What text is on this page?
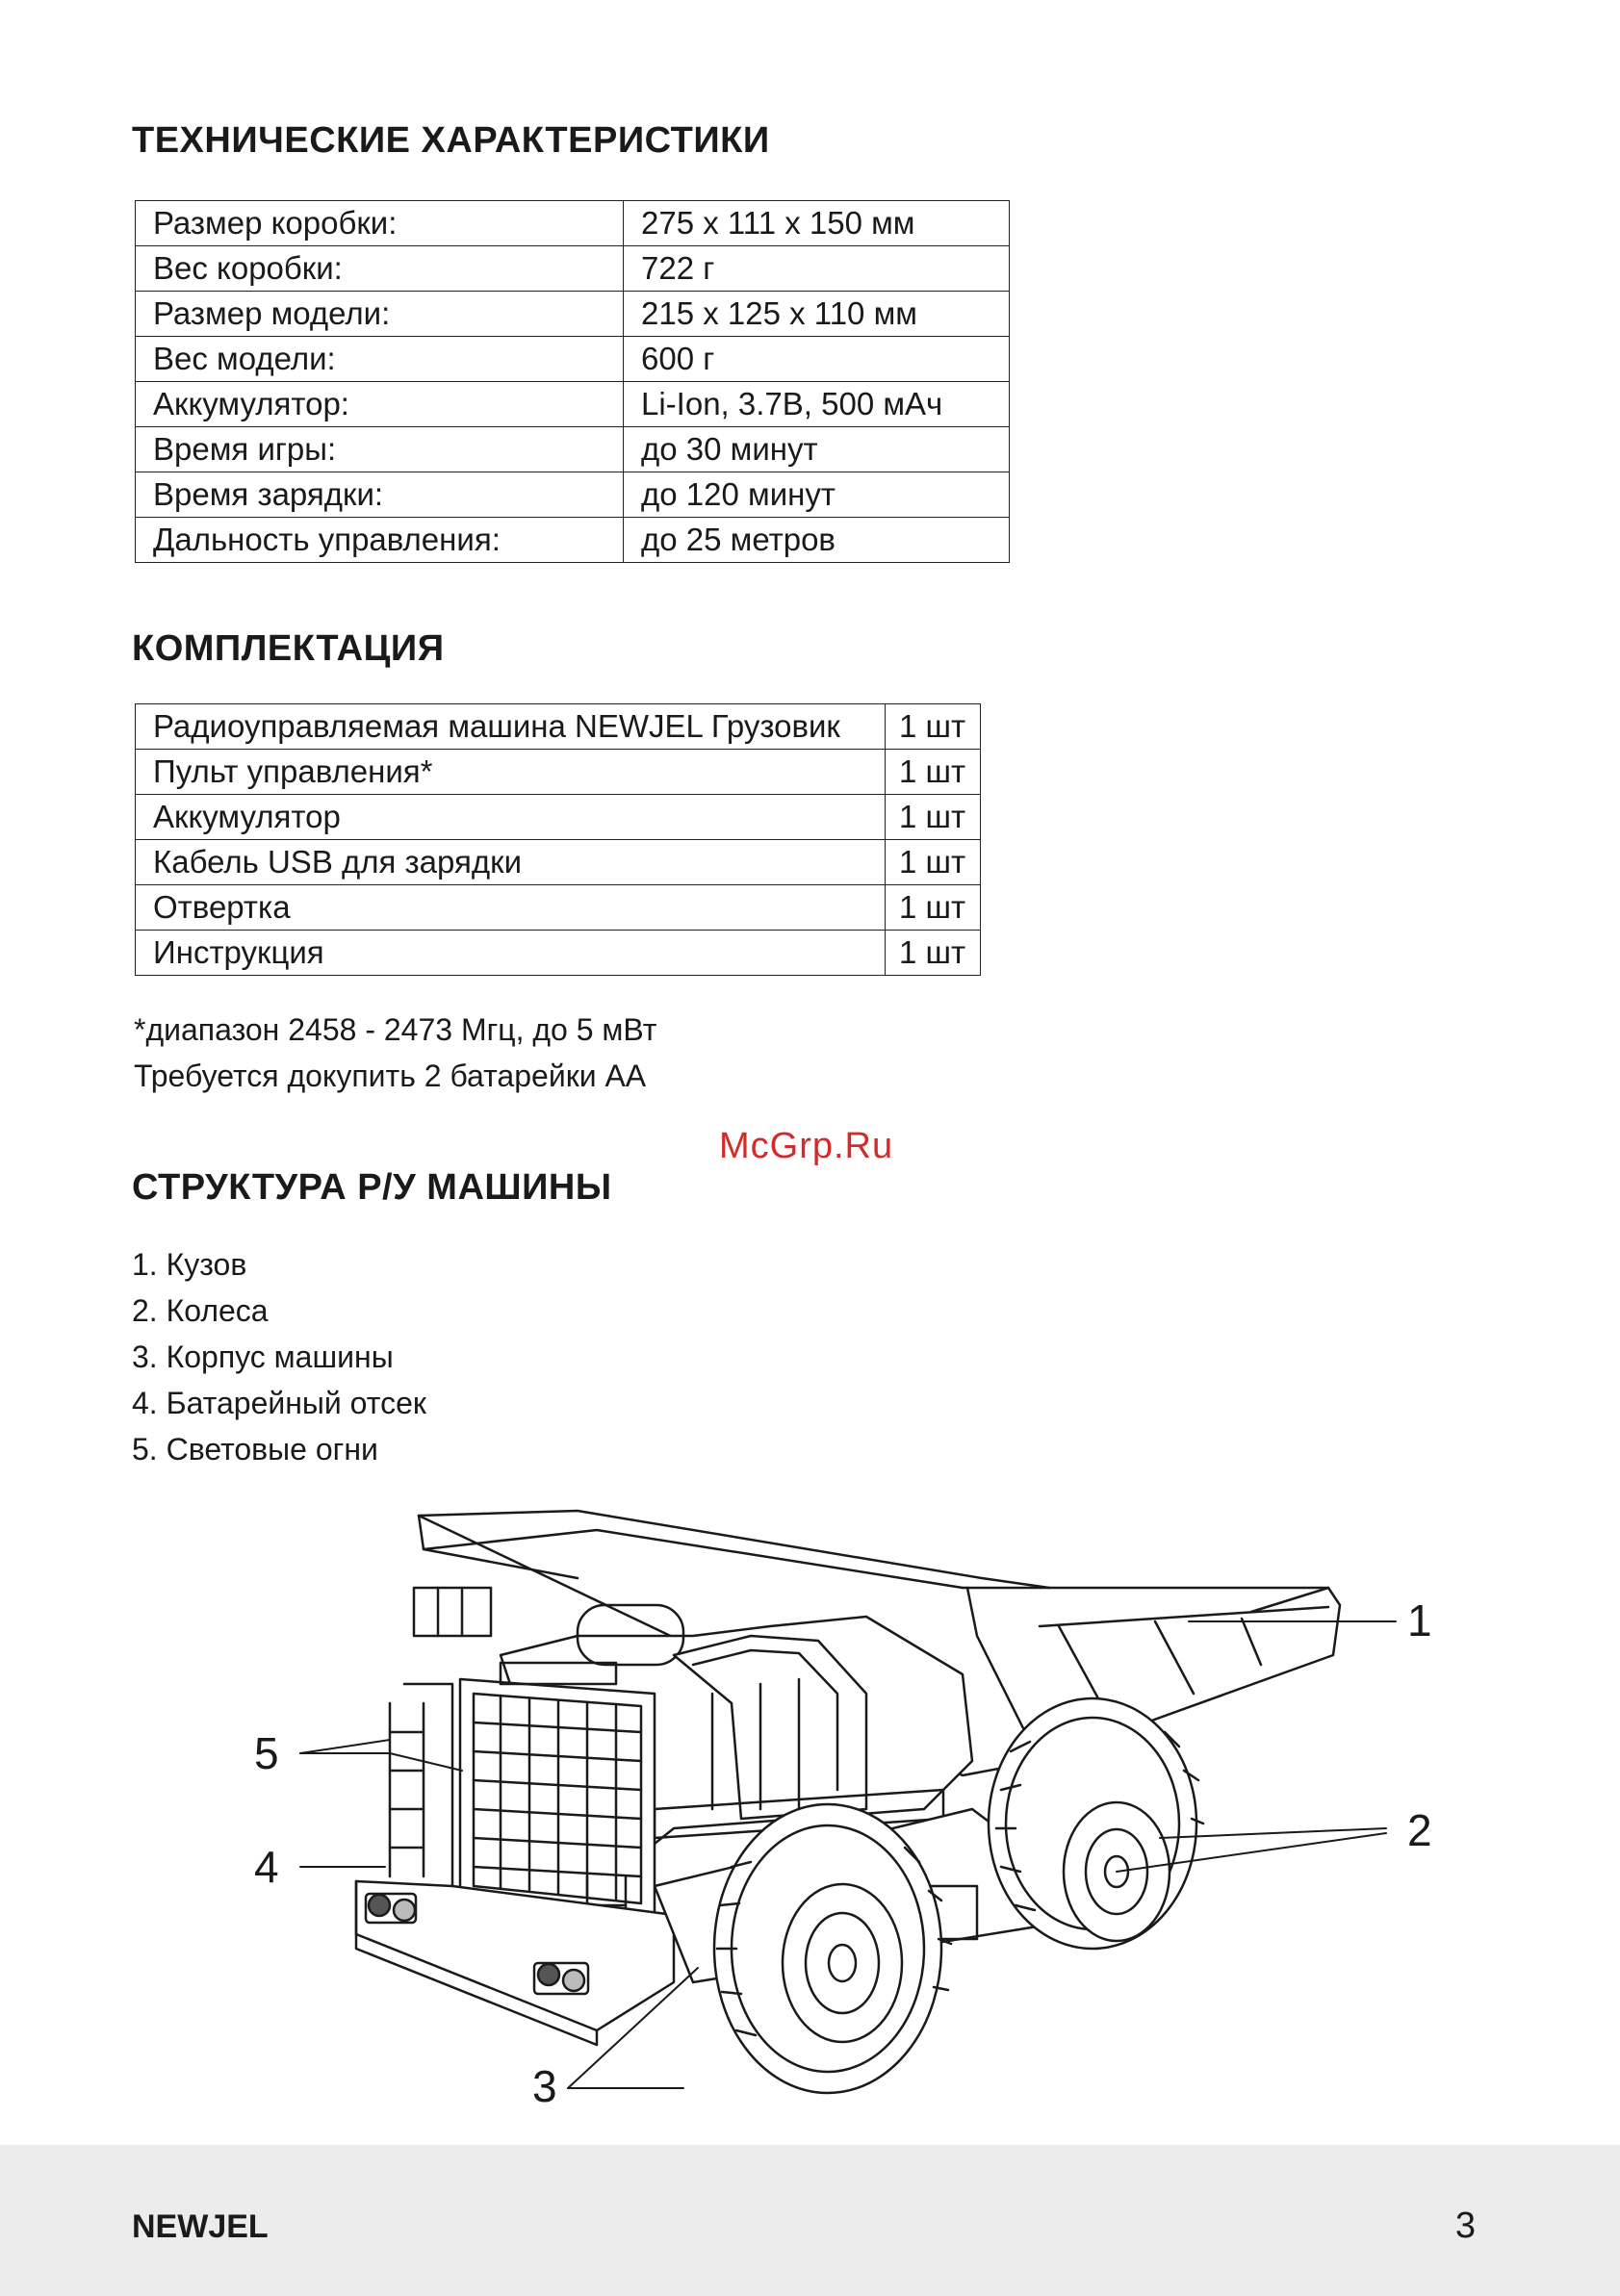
ТЕХНИЧЕСКИЕ ХАРАКТЕРИСТИКИ
Размер коробки:	275 х 111 х 150 мм
Вес коробки:	722 г
Размер модели:	215 х 125 х 110 мм
Вес модели:	600 г
Аккумулятор:	Li-Ion, 3.7В, 500 мАч
Время игры:	до 30 минут
Время зарядки:	до 120 минут
Дальность управления:	до 25 метров
КОМПЛЕКТАЦИЯ
Радиоуправляемая машина NEWJEL Грузовик	1 шт
Пульт управления*	1 шт
Аккумулятор	1 шт
Кабель USB для зарядки	1 шт
Отвертка	1 шт
Инструкция	1 шт
*диапазон 2458 - 2473 Мгц, до 5 мВт
Требуется докупить 2 батарейки АА
McGrp.Ru
СТРУКТУРА Р/У МАШИНЫ
1. Кузов
2. Колеса
3. Корпус машины
4. Батарейный отсек
5. Световые огни
1
2
3
4
5
NEWJEL	3
